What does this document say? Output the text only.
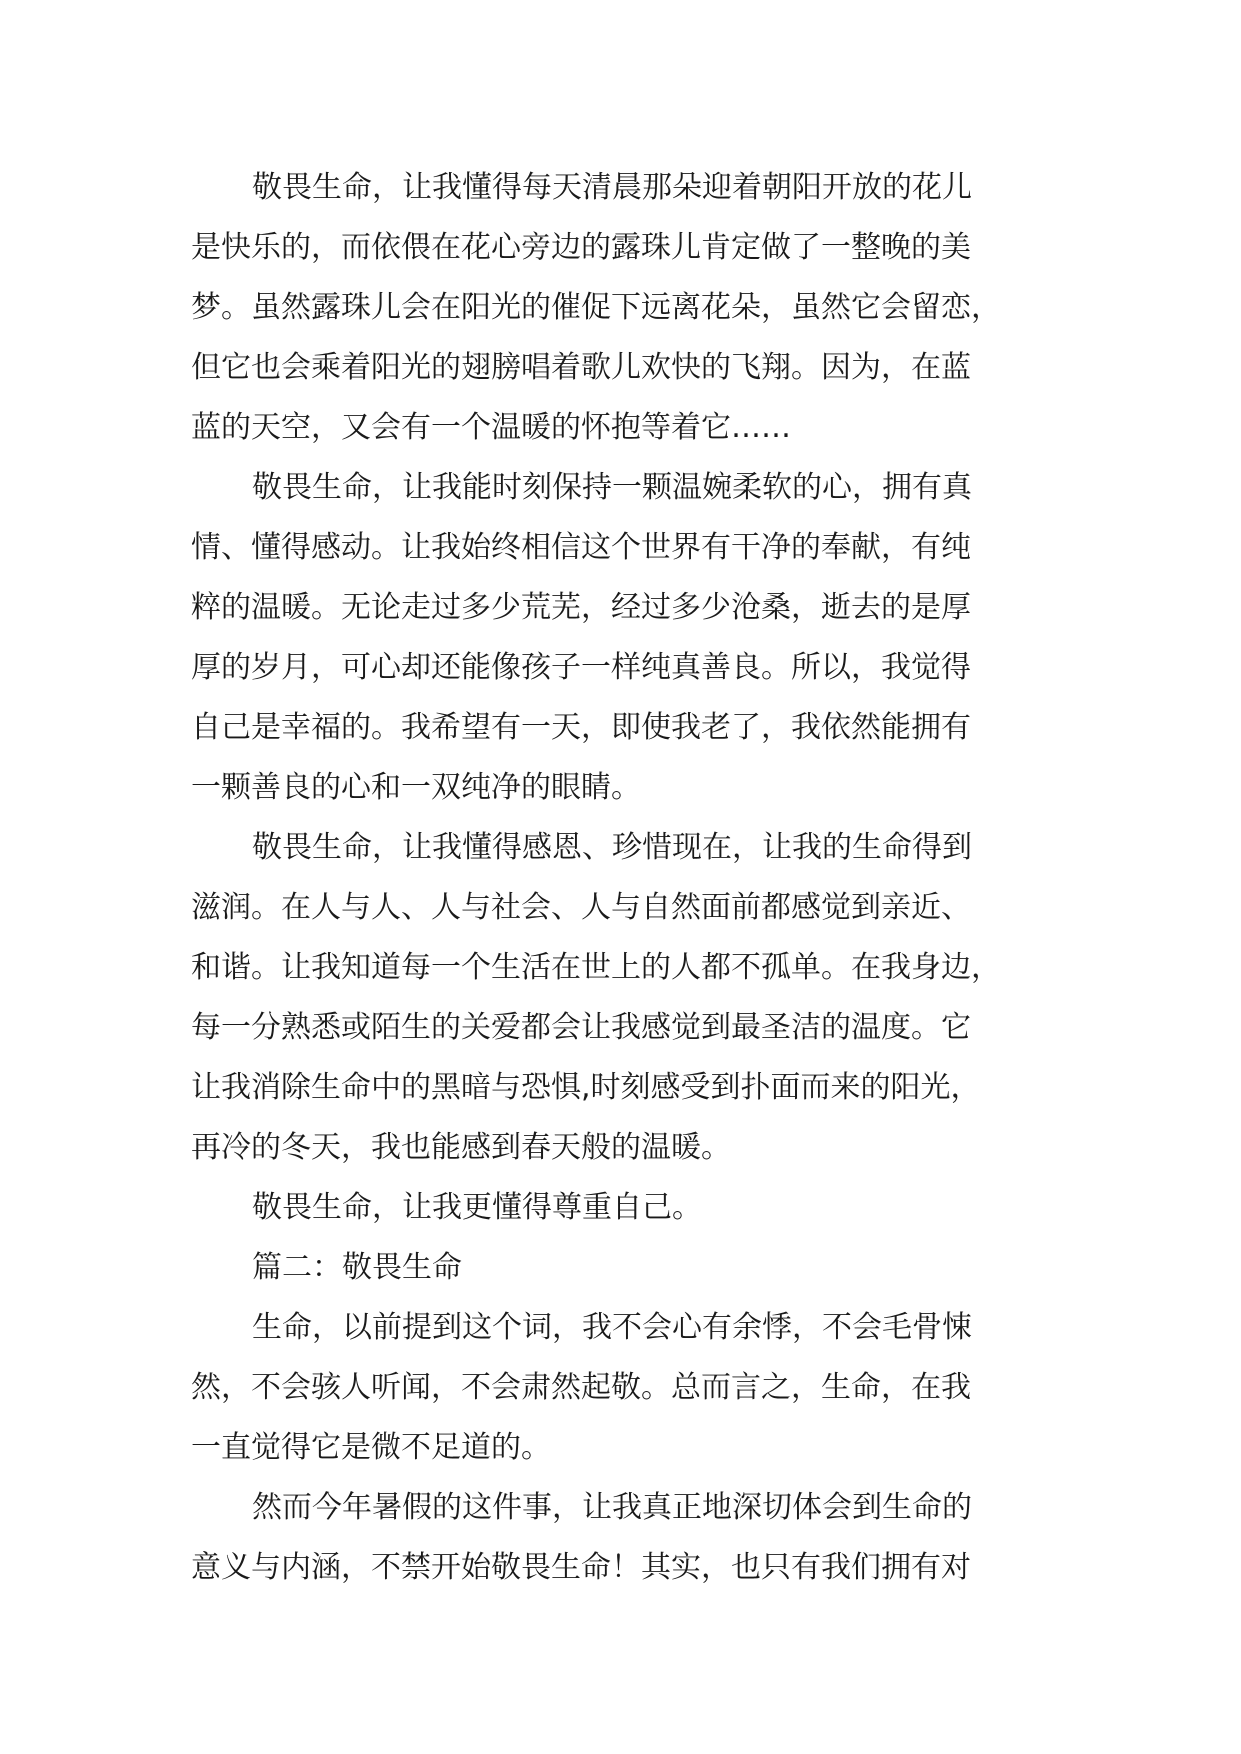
敬畏生命，让我懂得每天清晨那朵迎着朝阳开放的花儿
是快乐的，而依偎在花心旁边的露珠儿肯定做了一整晚的美
梦。虽然露珠儿会在阳光的催促下远离花朵，虽然它会留恋，
但它也会乘着阳光的翅膀唱着歌儿欢快的飞翔。因为，在蓝
蓝的天空，又会有一个温暖的怀抱等着它……
敬畏生命，让我能时刻保持一颗温婉柔软的心，拥有真
情、懂得感动。让我始终相信这个世界有干净的奉献，有纯
粹的温暖。无论走过多少荒芜，经过多少沧桑，逝去的是厚
厚的岁月，可心却还能像孩子一样纯真善良。所以，我觉得
自己是幸福的。我希望有一天，即使我老了，我依然能拥有
一颗善良的心和一双纯净的眼睛。
敬畏生命，让我懂得感恩、珍惜现在，让我的生命得到
滋润。在人与人、人与社会、人与自然面前都感觉到亲近、
和谐。让我知道每一个生活在世上的人都不孤单。在我身边，
每一分熟悉或陌生的关爱都会让我感觉到最圣洁的温度。它
让我消除生命中的黑暗与恐惧,时刻感受到扑面而来的阳光，
再冷的冬天，我也能感到春天般的温暖。
敬畏生命，让我更懂得尊重自己。
篇二：敬畏生命
生命，以前提到这个词，我不会心有余悸，不会毛骨悚
然，不会骇人听闻，不会肃然起敬。总而言之，生命，在我
一直觉得它是微不足道的。
然而今年暑假的这件事，让我真正地深切体会到生命的
意义与内涵，不禁开始敬畏生命！其实，也只有我们拥有对
